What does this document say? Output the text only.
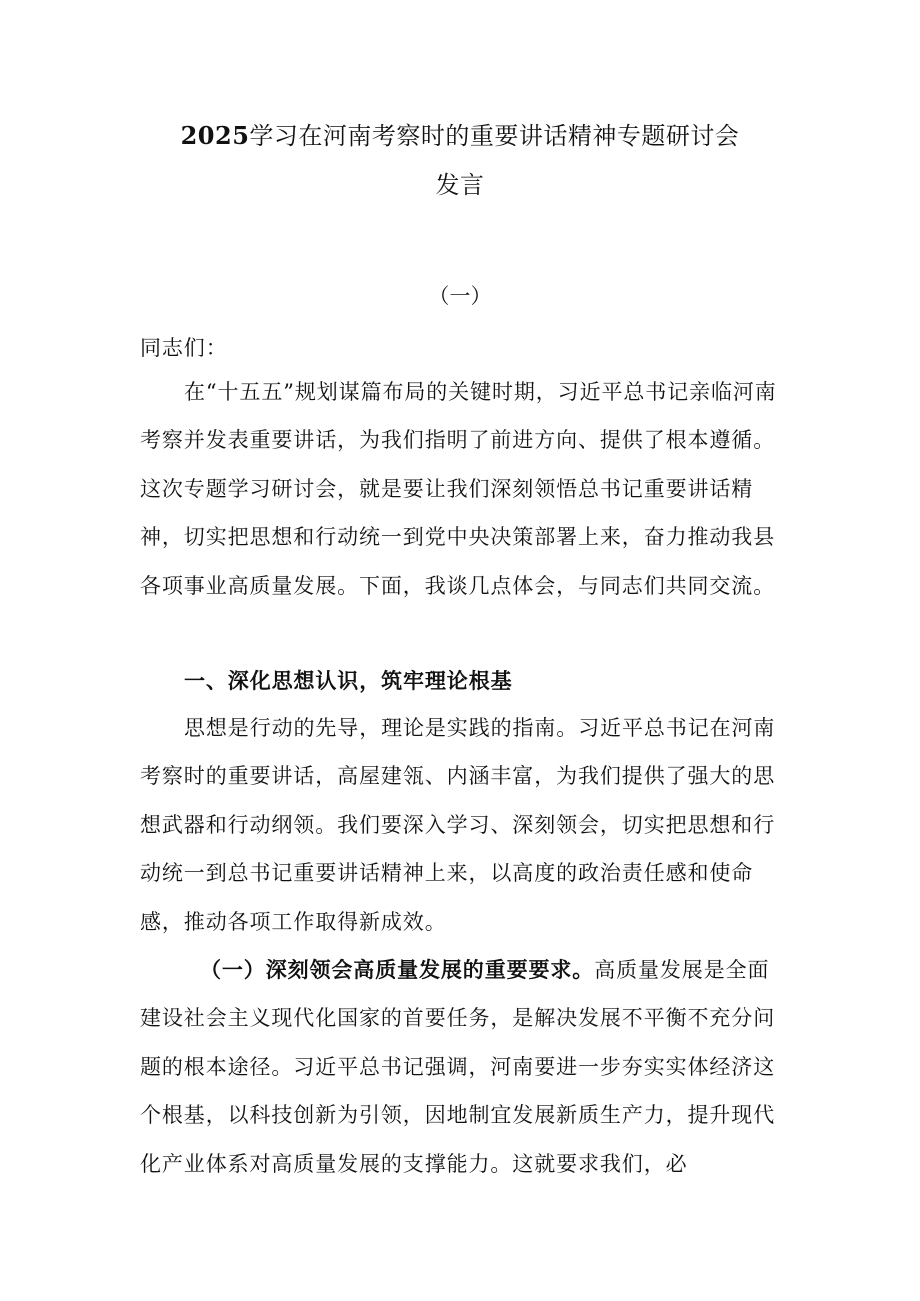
2025学习在河南考察时的重要讲话精神专题研讨会
发言
（一）
同志们：
在“十五五”规划谋篇布局的关键时期，习近平总书记亲临河南考察并发表重要讲话，为我们指明了前进方向、提供了根本遵循。这次专题学习研讨会，就是要让我们深刻领悟总书记重要讲话精神，切实把思想和行动统一到党中央决策部署上来，奋力推动我县各项事业高质量发展。下面，我谈几点体会，与同志们共同交流。
一、深化思想认识，筑牢理论根基
思想是行动的先导，理论是实践的指南。习近平总书记在河南考察时的重要讲话，高屋建瓴、内涵丰富，为我们提供了强大的思想武器和行动纲领。我们要深入学习、深刻领会，切实把思想和行动统一到总书记重要讲话精神上来，以高度的政治责任感和使命感，推动各项工作取得新成效。
（一）深刻领会高质量发展的重要要求。高质量发展是全面建设社会主义现代化国家的首要任务，是解决发展不平衡不充分问题的根本途径。习近平总书记强调，河南要进一步夯实实体经济这个根基，以科技创新为引领，因地制宜发展新质生产力，提升现代化产业体系对高质量发展的支撑能力。这就要求我们，必
